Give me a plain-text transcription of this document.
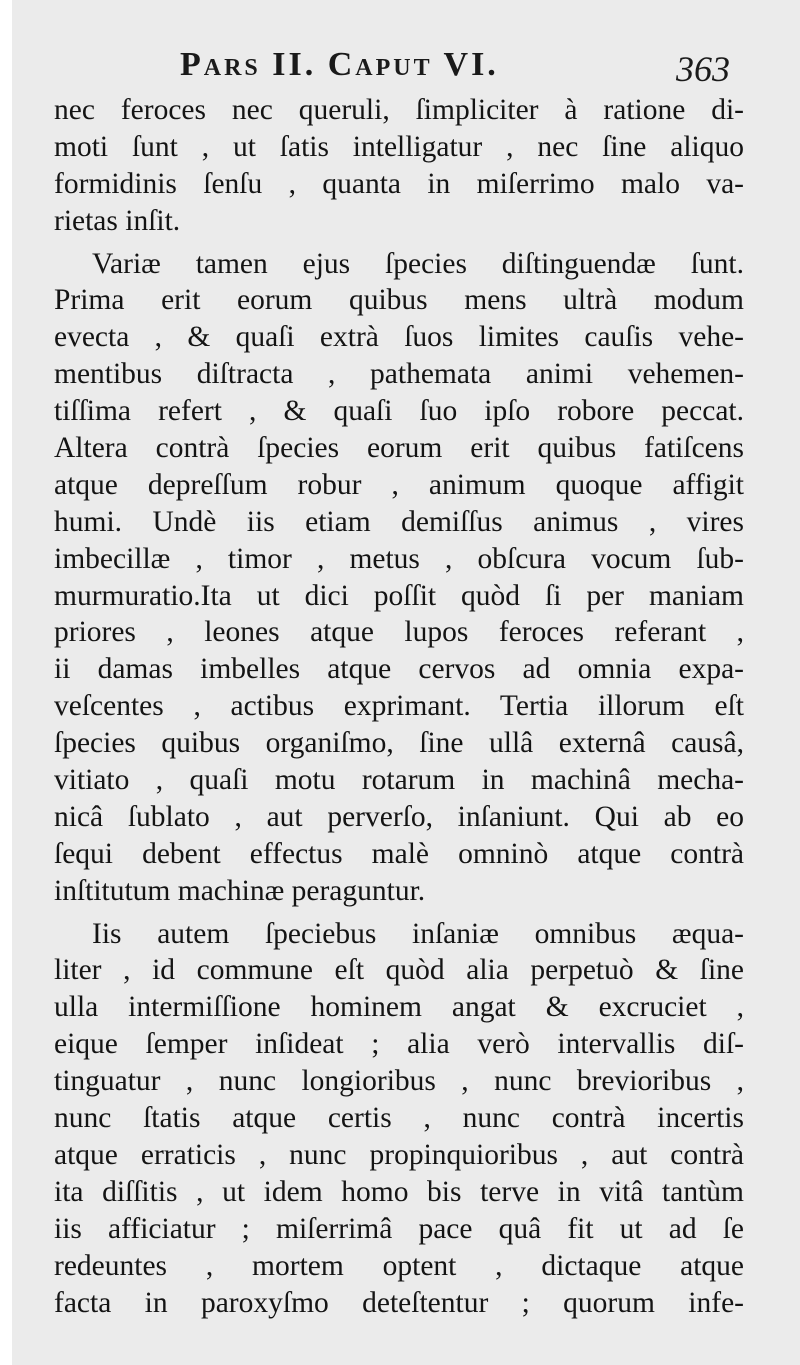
Pars II. Caput VI.	363
nec feroces nec queruli, ſimpliciter à ratione di-
moti ſunt , ut ſatis intelligatur , nec ſine aliquo
formidinis ſenſu , quanta in miſerrimo malo va-
rietas inſit.
Variæ tamen ejus ſpecies diſtinguendæ ſunt.
Prima erit eorum quibus mens ultrà modum
evecta , & quaſi extrà ſuos limites cauſis vehe-
mentibus diſtracta , pathemata animi vehemen-
tiſſima refert , & quaſi ſuo ipſo robore peccat.
Altera contrà ſpecies eorum erit quibus fatiſcens
atque depreſſum robur , animum quoque affigit
humi. Undè iis etiam demiſſus animus , vires
imbecillæ , timor , metus , obſcura vocum ſub-
murmuratio.Ita ut dici poſſit quòd ſi per maniam
priores , leones atque lupos feroces referant ,
ii damas imbelles atque cervos ad omnia expa-
veſcentes , actibus exprimant. Tertia illorum eſt
ſpecies quibus organiſmo, ſine ullâ externâ causâ,
vitiato , quaſi motu rotarum in machinâ mecha-
nicâ ſublato , aut perverſo, inſaniunt. Qui ab eo
ſequi debent effectus malè omninò atque contrà
inſtitutum machinæ peraguntur.
Iis autem ſpeciebus inſaniæ omnibus æqua-
liter , id commune eſt quòd alia perpetuò & ſine
ulla intermiſſione hominem angat & excruciet ,
eique ſemper inſideat ; alia verò intervallis diſ-
tinguatur , nunc longioribus , nunc brevioribus ,
nunc ſtatis atque certis , nunc contrà incertis
atque erraticis , nunc propinquioribus , aut contrà
ita diſſitis , ut idem homo bis terve in vitâ tantùm
iis afficiatur ; miſerrimâ pace quâ fit ut ad ſe
redeuntes , mortem optent , dictaque atque
facta in paroxyſmo deteſtentur ; quorum infe-
